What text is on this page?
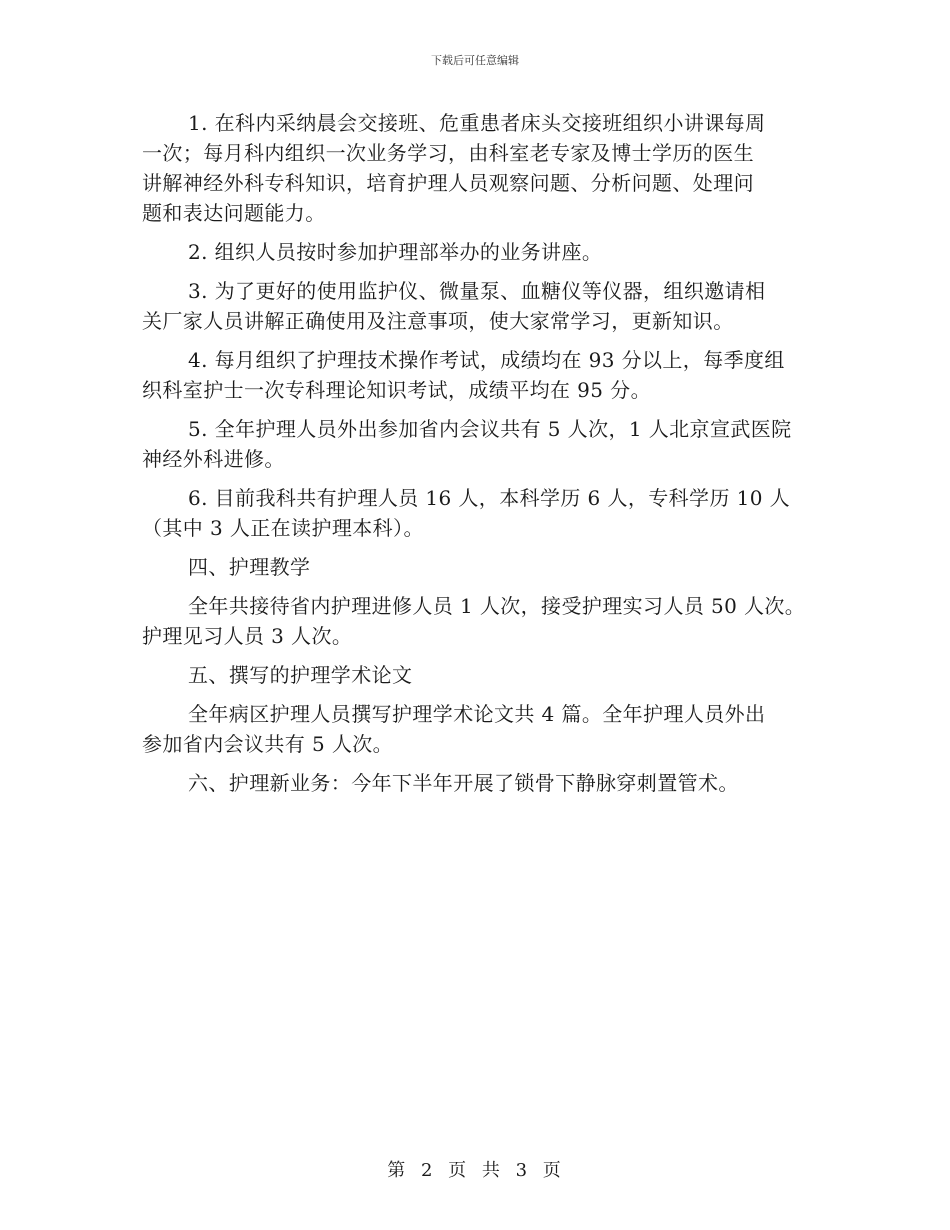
下载后可任意编辑
1. 在科内采纳晨会交接班、危重患者床头交接班组织小讲课每周
一次；每月科内组织一次业务学习，由科室老专家及博士学历的医生
讲解神经外科专科知识，培育护理人员观察问题、分析问题、处理问
题和表达问题能力。
2. 组织人员按时参加护理部举办的业务讲座。
3. 为了更好的使用监护仪、微量泵、血糖仪等仪器，组织邀请相
关厂家人员讲解正确使用及注意事项，使大家常学习，更新知识。
4. 每月组织了护理技术操作考试，成绩均在 93 分以上，每季度组
织科室护士一次专科理论知识考试，成绩平均在 95 分。
5. 全年护理人员外出参加省内会议共有 5 人次，1 人北京宣武医院
神经外科进修。
6. 目前我科共有护理人员 16 人，本科学历 6 人，专科学历 10 人
（其中 3 人正在读护理本科）。
四、护理教学
全年共接待省内护理进修人员 1 人次，接受护理实习人员 50 人次。
护理见习人员 3 人次。
五、撰写的护理学术论文
全年病区护理人员撰写护理学术论文共 4 篇。全年护理人员外出
参加省内会议共有 5 人次。
六、护理新业务：今年下半年开展了锁骨下静脉穿刺置管术。
第 2 页 共 3 页
